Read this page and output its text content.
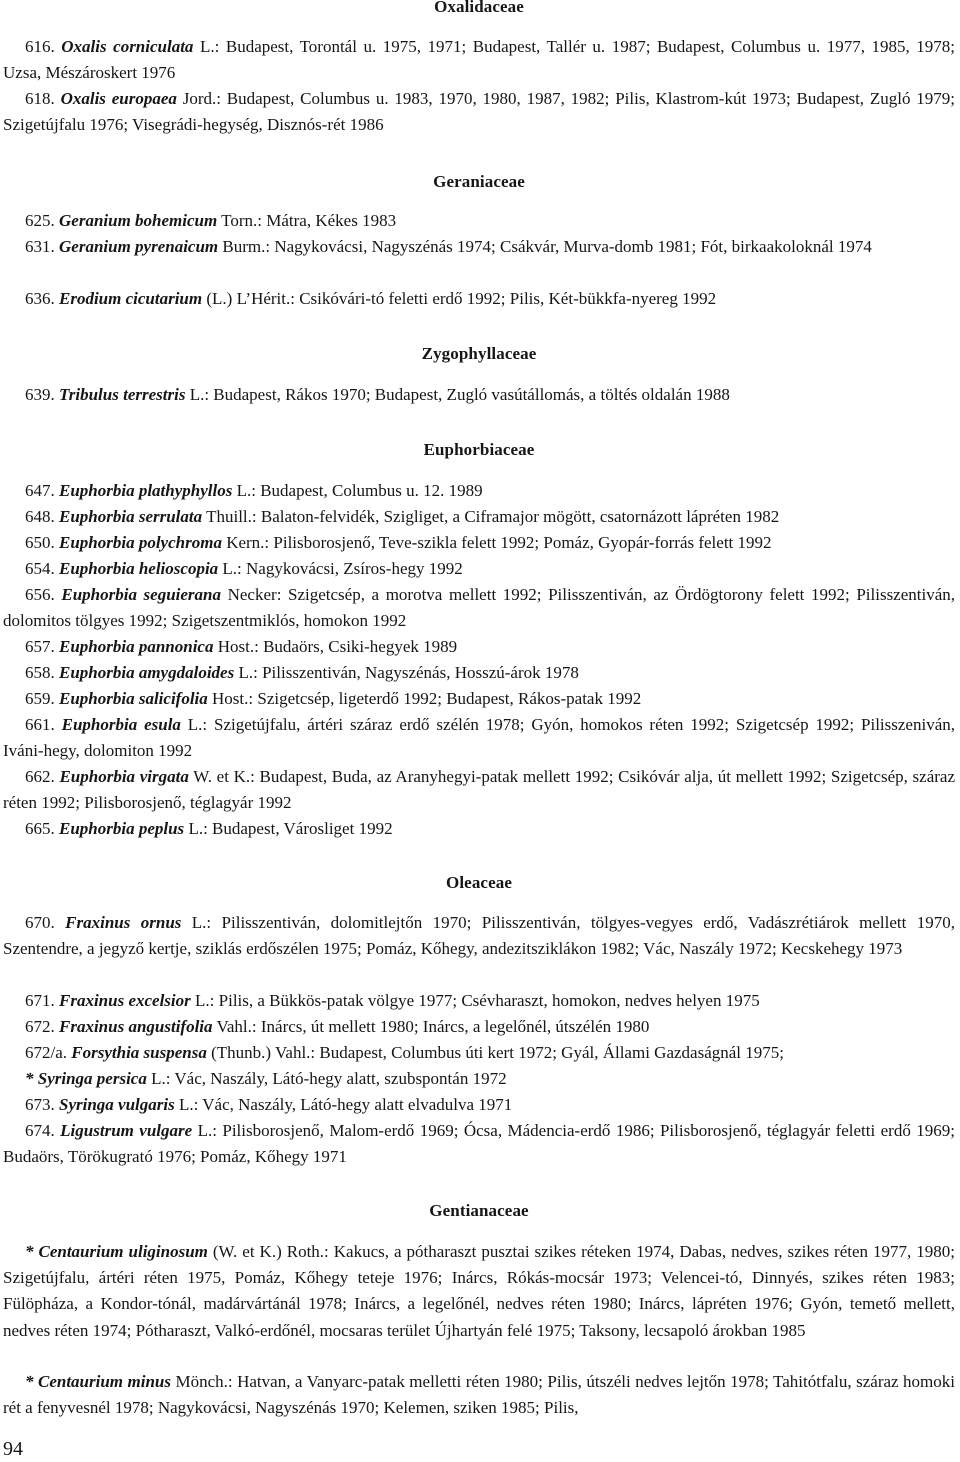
Oxalidaceae

616. Oxalis corniculata L.: Budapest, Torontál u. 1975, 1971; Budapest, Tallér u. 1987; Budapest, Columbus u. 1977, 1985, 1978; Uzsa, Mészároskert 1976

618. Oxalis europaea Jord.: Budapest, Columbus u. 1983, 1970, 1980, 1987, 1982; Pilis, Klastrom-kút 1973; Budapest, Zugló 1979; Szigetújfalu 1976; Visegrádi-hegység, Disznós-rét 1986

Geraniaceae

625. Geranium bohemicum Torn.: Mátra, Kékes 1983

631. Geranium pyrenaicum Burm.: Nagykovácsi, Nagyszénás 1974; Csákvár, Murva-domb 1981; Fót, birkaakoloknál 1974

636. Erodium cicutarium (L.) L’Hérit.: Csikóvári-tó feletti erdő 1992; Pilis, Két-bükkfa-nyereg 1992

Zygophyllaceae

639. Tribulus terrestris L.: Budapest, Rákos 1970; Budapest, Zugló vasútállomás, a töltés oldalán 1988

Euphorbiaceae

647. Euphorbia plathyphyllos L.: Budapest, Columbus u. 12. 1989

648. Euphorbia serrulata Thuill.: Balaton-felvidék, Szigliget, a Ciframajor mögött, csatornázott lápréten 1982

650. Euphorbia polychroma Kern.: Pilisborosjenő, Teve-szikla felett 1992; Pomáz, Gyopár-forrás felett 1992

654. Euphorbia helioscopia L.: Nagykovácsi, Zsíros-hegy 1992

656. Euphorbia seguierana Necker: Szigetcsép, a morotva mellett 1992; Pilisszentiván, az Ördögtorony felett 1992; Pilisszentiván, dolomitos tölgyes 1992; Szigetszentmiklós, homokon 1992

657. Euphorbia pannonica Host.: Budaörs, Csiki-hegyek 1989

658. Euphorbia amygdaloides L.: Pilisszentiván, Nagyszénás, Hosszú-árok 1978

659. Euphorbia salicifolia Host.: Szigetcsép, ligeterdő 1992; Budapest, Rákos-patak 1992

661. Euphorbia esula L.: Szigetújfalu, ártéri száraz erdő szélén 1978; Gyón, homokos réten 1992; Szigetcsép 1992; Pilisszeniván, Iváni-hegy, dolomiton 1992

662. Euphorbia virgata W. et K.: Budapest, Buda, az Aranyhegyi-patak mellett 1992; Csikóvár alja, út mellett 1992; Szigetcsép, száraz réten 1992; Pilisborosjenő, téglagyár 1992

665. Euphorbia peplus L.: Budapest, Városliget 1992

Oleaceae

670. Fraxinus ornus L.: Pilisszentiván, dolomitlejtőn 1970; Pilisszentiván, tölgyes-vegyes erdő, Vadászrétiárok mellett 1970, Szentendre, a jegyző kertje, sziklás erdőszélen 1975; Pomáz, Kőhegy, andezitsziklákon 1982; Vác, Naszály 1972; Kecskehegy 1973

671. Fraxinus excelsior L.: Pilis, a Bükkös-patak völgye 1977; Csévharaszt, homokon, nedves helyen 1975

672. Fraxinus angustifolia Vahl.: Inárcs, út mellett 1980; Inárcs, a legelőnél, útszélén 1980

672/a. Forsythia suspensa (Thunb.) Vahl.: Budapest, Columbus úti kert 1972; Gyál, Állami Gazdaságnál 1975;

* Syringa persica L.: Vác, Naszály, Látó-hegy alatt, szubspontán 1972

673. Syringa vulgaris L.: Vác, Naszály, Látó-hegy alatt elvadulva 1971

674. Ligustrum vulgare L.: Pilisborosjenő, Malom-erdő 1969; Ócsa, Mádencia-erdő 1986; Pilisborosjenő, téglagyár feletti erdő 1969; Budaörs, Törökugrató 1976; Pomáz, Kőhegy 1971

Gentianaceae

* Centaurium uliginosum (W. et K.) Roth.: Kakucs, a pótharaszt pusztai szikes réteken 1974, Dabas, nedves, szikes réten 1977, 1980; Szigetújfalu, ártéri réten 1975, Pomáz, Kőhegy teteje 1976; Inárcs, Rókás-mocsár 1973; Velencei-tó, Dinnyés, szikes réten 1983; Fülöpháza, a Kondor-tónál, madárvártánál 1978; Inárcs, a legelőnél, nedves réten 1980; Inárcs, lápréten 1976; Gyón, temető mellett, nedves réten 1974; Pótharaszt, Valkó-erdőnél, mocsaras terület Újhartyán felé 1975; Taksony, lecsapoló árokban 1985

* Centaurium minus Mönch.: Hatvan, a Vanyarc-patak melletti réten 1980; Pilis, útszéli nedves lejtőn 1978; Tahitótfalu, száraz homoki rét a fenyvesnél 1978; Nagykovácsi, Nagyszénás 1970; Kelemen, sziken 1985; Pilis,

94
